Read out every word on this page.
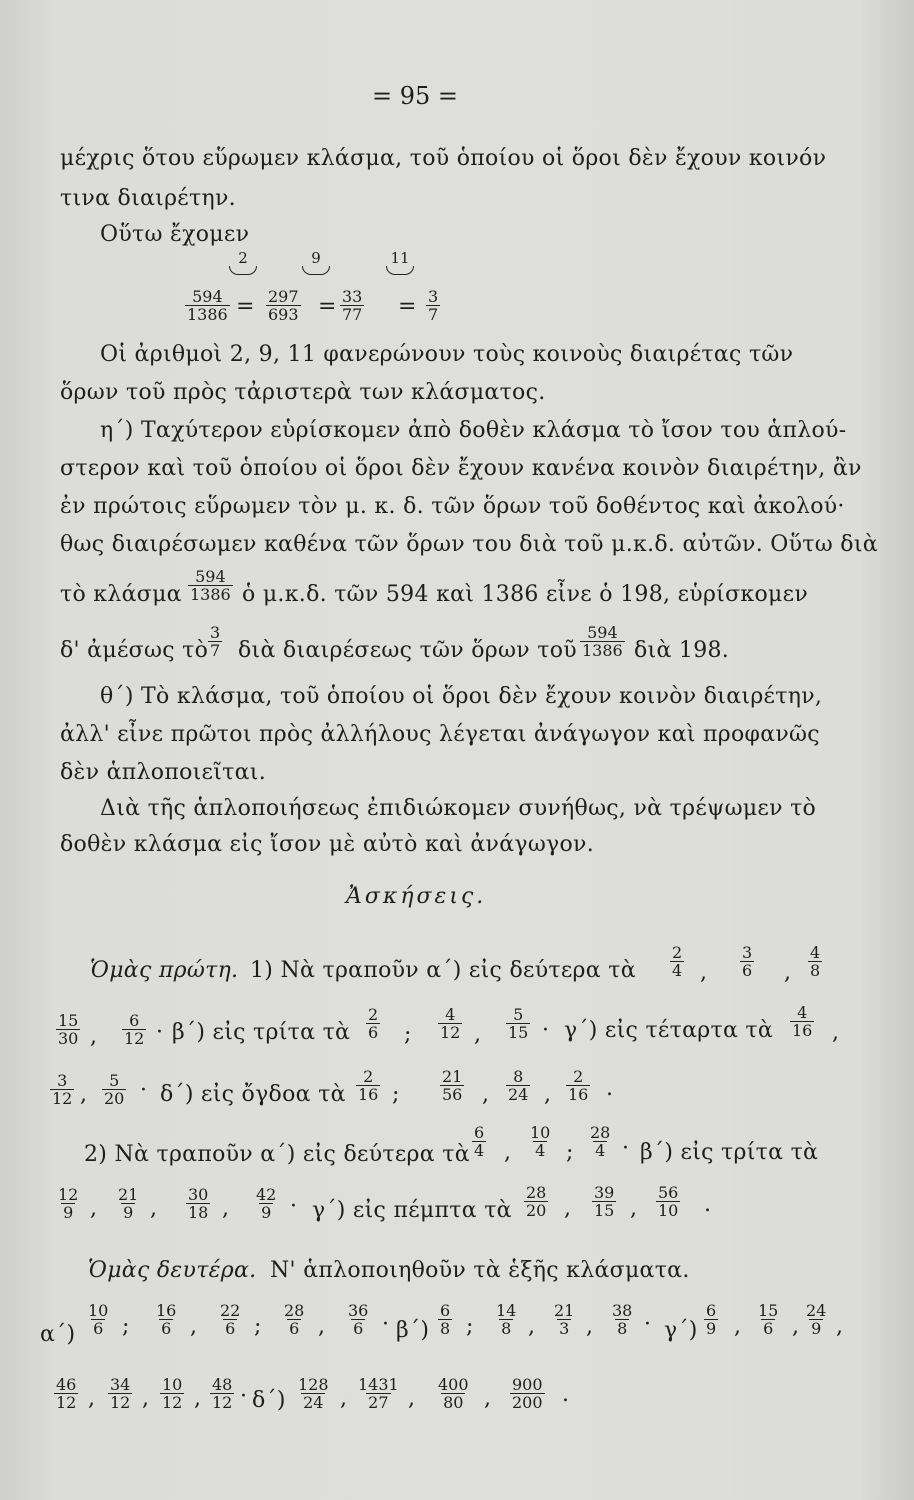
= 95 =
μέχρις ὅτου εὕρωμεν κλάσμα, τοῦ ὁποίου οἱ ὅροι δὲν ἔχουν κοινόν
τινα διαιρέτην.
Οὕτω ἔχομεν
2	9	11
$\frac{594}{1386} = \frac{297}{693} = \frac{33}{77} = \frac{3}{7}$
Οἱ ἀριθμοὶ 2, 9, 11 φανερώνουν τοὺς κοινοὺς διαιρέτας τῶν
ὅρων τοῦ πρὸς τἀριστερὰ των κλάσματος.
η΄) Ταχύτερον εὑρίσκομεν ἀπὸ δοθὲν κλάσμα τὸ ἴσον του ἁπλού-
στερον καὶ τοῦ ὁποίου οἱ ὅροι δὲν ἔχουν κανένα κοινὸν διαιρέτην, ἂν
ἐν πρώτοις εὕρωμεν τὸν μ. κ. δ. τῶν ὅρων τοῦ δοθέντος καὶ ἀκολού·
θως διαιρέσωμεν καθένα τῶν ὅρων του διὰ τοῦ μ.κ.δ. αὐτῶν. Οὕτω διὰ
τὸ κλάσμα $\frac{594}{1386}$ ὁ μ.κ.δ. τῶν 594 καὶ 1386 εἶνε ὁ 198, εὑρίσκομεν
δ' ἀμέσως τὸ $\frac{3}{7}$ διὰ διαιρέσεως τῶν ὅρων τοῦ $\frac{594}{1386}$ διὰ 198.
θ΄) Τὸ κλάσμα, τοῦ ὁποίου οἱ ὅροι δὲν ἔχουν κοινὸν διαιρέτην,
ἀλλ' εἶνε πρῶτοι πρὸς ἀλλήλους λέγεται ἀνάγωγον καὶ προφανῶς
δὲν ἁπλοποιεῖται.
Διὰ τῆς ἁπλοποιήσεως ἐπιδιώκομεν συνήθως, νὰ τρέψωμεν τὸ
δοθὲν κλάσμα εἰς ἴσον μὲ αὐτὸ καὶ ἀνάγωγον.
Ἀσκήσεις.
Ὁμὰς πρώτη. 1) Νὰ τραποῦν α΄) εἰς δεύτερα τὰ $\frac{2}{4}$ , $\frac{3}{6}$ , $\frac{4}{8}$
$\frac{15}{30}$ , $\frac{6}{12} \cdot \beta΄$) εἰς τρίτα τὰ $\frac{2}{6}$ ; $\frac{4}{12}$ , $\frac{5}{15} \cdot \gamma΄$) εἰς τέταρτα τὰ $\frac{4}{16}$ ,
$\frac{3}{12}$ , $\frac{5}{20} \cdot \delta΄$) εἰς ὄγδοα τὰ $\frac{2}{16}$ ;	$\frac{21}{56}$ , $\frac{8}{24}$ , $\frac{2}{16}$ .
2) Νὰ τραποῦν α΄) εἰς δεύτερα τὰ $\frac{6}{4}$ , $\frac{10}{4}$ ; $\frac{28}{4} \cdot \beta΄$) εἰς τρίτα τὰ
$\frac{12}{9}$ , $\frac{21}{9}$ , $\frac{30}{18}$ , $\frac{42}{9} \cdot \gamma΄$) εἰς πέμπτα τὰ $\frac{28}{20}$ , $\frac{39}{15}$ , $\frac{56}{10}$ .
Ὁμὰς δευτέρα. Ν' ἁπλοποιηθοῦν τὰ ἑξῆς κλάσματα.
$\alpha΄) \frac{10}{6}$ ; $\frac{16}{6}$ , $\frac{22}{6}$ ; $\frac{28}{6}$ , $\frac{36}{6} \cdot \beta΄) \frac{6}{8}$ ; $\frac{14}{8}$ , $\frac{21}{3}$ , $\frac{38}{8} \cdot \gamma΄) \frac{6}{9}$ , $\frac{15}{6}$ , $\frac{24}{9}$ ,
$\frac{46}{12}$ , $\frac{34}{12}$ , $\frac{10}{12}$ , $\frac{48}{12} \cdot \delta΄) \frac{128}{24}$ , $\frac{1431}{27}$ , $\frac{400}{80}$ , $\frac{900}{200}$ .
